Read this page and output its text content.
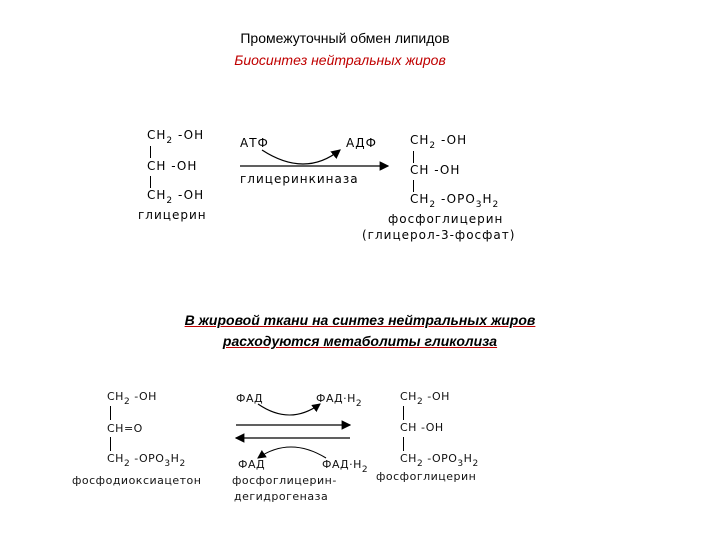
Промежуточный обмен липидов
Биосинтез нейтральных жиров
$CH_2$ -OH
CH -OH
$CH_2$ -OH
глицерин
АТФ	АДФ
глицеринкиназа
$CH_2$ -OH
CH -OH
$CH_2$ $-OPO_3H_2$
фосфоглицерин
(глицерол-3-фосфат)
В жировой ткани на синтез нейтральных жиров
расходуются метаболиты гликолиза
$CH_2$ -OH
CH=O
$CH_2$ $-OPO_3H_2$
фосфодиоксиацетон
ФАД	$ФАД\cdot H_2$
ФАД	$ФАД\cdot H_2$
фосфоглицерин-
дегидрогеназа
$CH_2$ -OH
CH -OH
$CH_2$ $-OPO_3H_2$
фосфоглицерин
